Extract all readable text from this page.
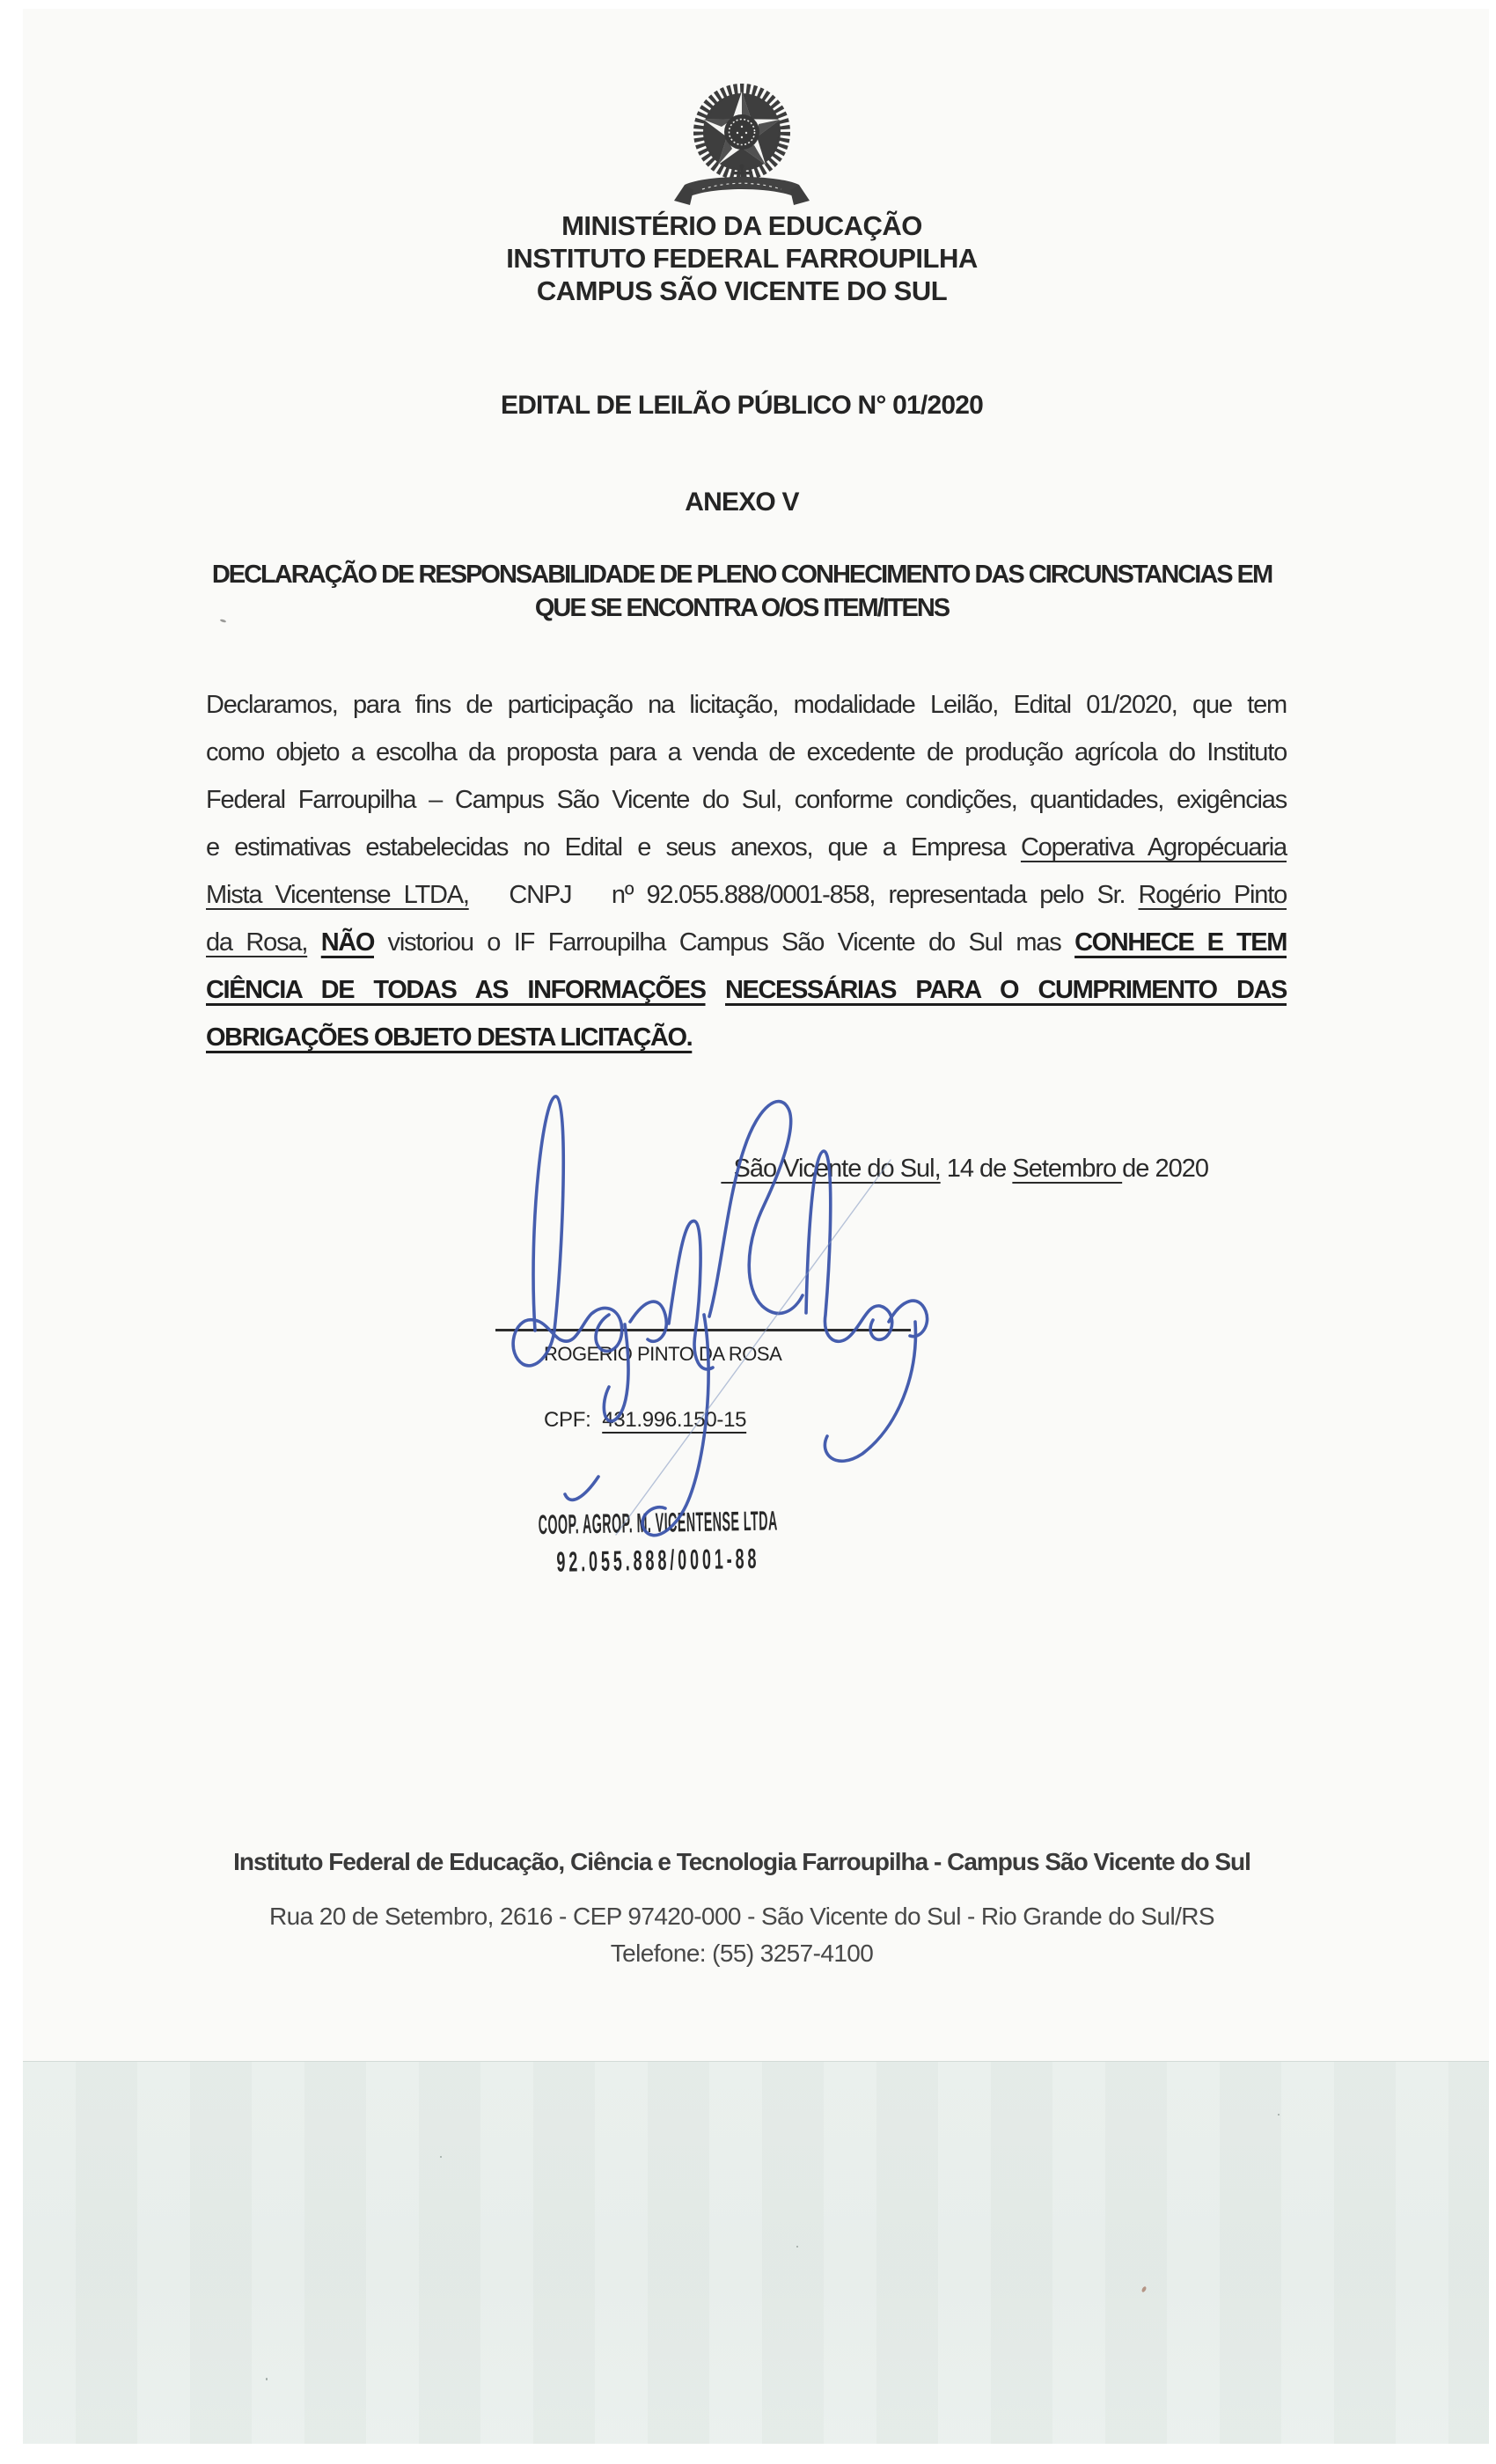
MINISTÉRIO DA EDUCAÇÃO
INSTITUTO FEDERAL FARROUPILHA
CAMPUS SÃO VICENTE DO SUL
EDITAL DE LEILÃO PÚBLICO N° 01/2020
ANEXO V
DECLARAÇÃO DE RESPONSABILIDADE DE PLENO CONHECIMENTO DAS CIRCUNSTANCIAS EM
QUE SE ENCONTRA O/OS ITEM/ITENS
Declaramos, para fins de participação na licitação, modalidade Leilão, Edital 01/2020, que tem
como objeto a escolha da proposta para a venda de excedente de produção agrícola do Instituto
Federal Farroupilha – Campus São Vicente do Sul, conforme condições, quantidades, exigências
e estimativas estabelecidas no Edital e seus anexos, que a Empresa Coperativa Agropécuaria
Mista Vicentense LTDA,   CNPJ   nº 92.055.888/0001-858, representada pelo Sr. Rogério Pinto
da Rosa, NÃO vistoriou o IF Farroupilha Campus São Vicente do Sul mas CONHECE E TEM
CIÊNCIA DE TODAS AS INFORMAÇÕES NECESSÁRIAS PARA O CUMPRIMENTO DAS
OBRIGAÇÕES OBJETO DESTA LICITAÇÃO.
São Vicente do Sul, 14 de Setembro de 2020
ROGERIO PINTO DA ROSA
CPF:  431.996.150-15
COOP. AGROP. M. VICENTENSE LTDA
92.055.888/0001-88
Instituto Federal de Educação, Ciência e Tecnologia Farroupilha - Campus São Vicente do Sul
Rua 20 de Setembro, 2616 - CEP 97420-000 - São Vicente do Sul - Rio Grande do Sul/RS
Telefone: (55) 3257-4100
